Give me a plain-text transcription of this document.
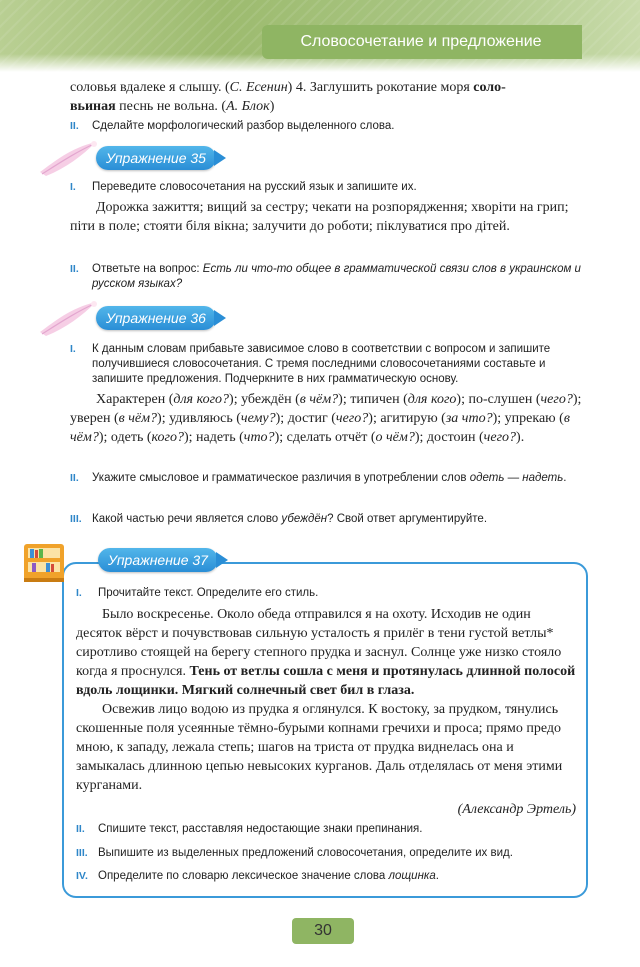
Словосочетание и предложение

соловья вдалеке я слышу. (С. Есенин) 4. Заглушить рокотание моря соло-
вьиная песнь не вольна. (А. Блок)

II. Сделайте морфологический разбор выделенного слова.
Упражнение 35
I. Переведите словосочетания на русский язык и запишите их.
Дорожка зажиття; вищий за сестру; чекати на розпорядження; хворіти на грип; піти в поле; стояти біля вікна; залучити до роботи; піклуватися про дітей.
II. Ответьте на вопрос: Есть ли что-то общее в грамматической связи слов в украинском и русском языках?
Упражнение 36
I. К данным словам прибавьте зависимое слово в соответствии с вопросом и запишите получившиеся словосочетания. С тремя последними словосочетаниями составьте и запишите предложения. Подчеркните в них грамматическую основу.
Характерен (для кого?); убеждён (в чём?); типичен (для кого); по-слушен (чего?); уверен (в чём?); удивляюсь (чему?); достиг (чего?); агитирую (за что?); упрекаю (в чём?); одеть (кого?); надеть (что?); сделать отчёт (о чём?); достоин (чего?).
II. Укажите смысловое и грамматическое различия в употреблении слов одеть — надеть.
III. Какой частью речи является слово убеждён? Свой ответ аргументируйте.
Упражнение 37
I. Прочитайте текст. Определите его стиль.
Было воскресенье. Около обеда отправился я на охоту. Исходив не один десяток вёрст и почувствовав сильную усталость я прилёг в тени густой ветлы* сиротливо стоящей на берегу степного прудка и заснул. Солнце уже низко стояло когда я проснулся. Тень от ветлы сошла с меня и протянулась длинной полосой вдоль лощинки. Мягкий солнечный свет бил в глаза.
Освежив лицо водою из прудка я оглянулся. К востоку, за прудком, тянулись скошенные поля усеянные тёмно-бурыми копнами гречихи и проса; прямо предо мною, к западу, лежала степь; шагов на триста от прудка виднелась она и замыкалась длинною цепью невысоких курганов. Даль отделялась от меня этими курганами.
(Александр Эртель)
II. Спишите текст, расставляя недостающие знаки препинания.
III. Выпишите из выделенных предложений словосочетания, определите их вид.
IV. Определите по словарю лексическое значение слова лощинка.
30
